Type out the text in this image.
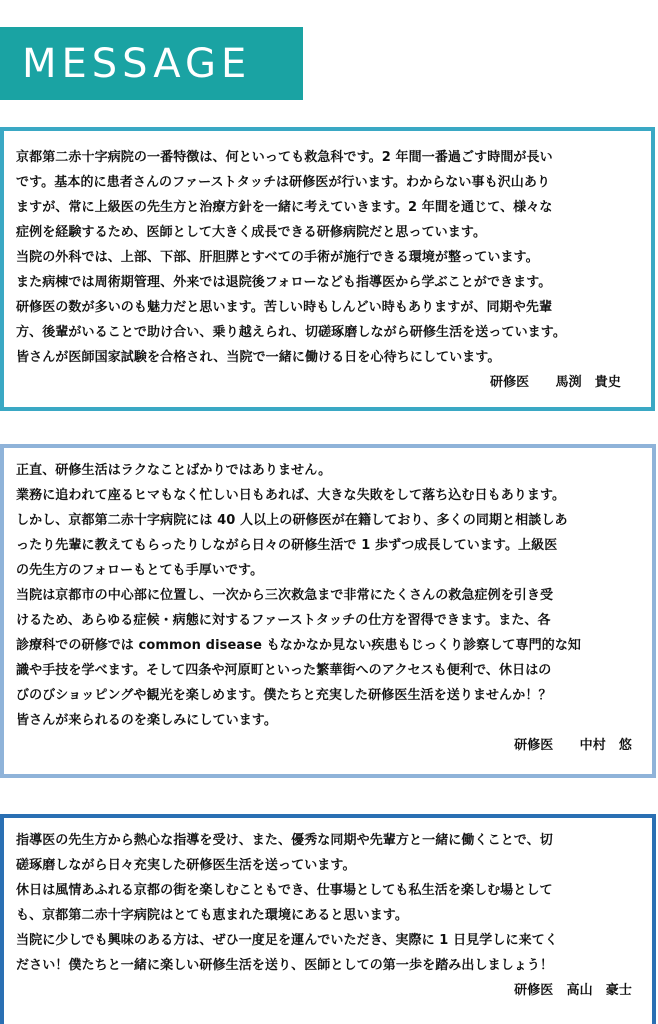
MESSAGE
京都第二赤十字病院の一番特徴は、何といっても救急科です。2 年間一番過ごす時間が長い
です。基本的に患者さんのファーストタッチは研修医が行います。わからない事も沢山あり
ますが、常に上級医の先生方と治療方針を一緒に考えていきます。2 年間を通じて、様々な
症例を経験するため、医師として大きく成長できる研修病院だと思っています。
当院の外科では、上部、下部、肝胆膵とすべての手術が施行できる環境が整っています。
また病棟では周術期管理、外来では退院後フォローなども指導医から学ぶことができます。
研修医の数が多いのも魅力だと思います。苦しい時もしんどい時もありますが、同期や先輩
方、後輩がいることで助け合い、乗り越えられ、切磋琢磨しながら研修生活を送っています。
皆さんが医師国家試験を合格され、当院で一緒に働ける日を心待ちにしています。
研修医　　馬渕　貴史
正直、研修生活はラクなことばかりではありません。
業務に追われて座るヒマもなく忙しい日もあれば、大きな失敗をして落ち込む日もあります。
しかし、京都第二赤十字病院には 40 人以上の研修医が在籍しており、多くの同期と相談しあ
ったり先輩に教えてもらったりしながら日々の研修生活で 1 歩ずつ成長しています。上級医
の先生方のフォローもとても手厚いです。
当院は京都市の中心部に位置し、一次から三次救急まで非常にたくさんの救急症例を引き受
けるため、あらゆる症候・病態に対するファーストタッチの仕方を習得できます。また、各
診療科での研修では common disease もなかなか見ない疾患もじっくり診察して専門的な知
識や手技を学べます。そして四条や河原町といった繁華街へのアクセスも便利で、休日はの
びのびショッピングや観光を楽しめます。僕たちと充実した研修医生活を送りませんか！？
皆さんが来られるのを楽しみにしています。
研修医　　中村　悠
指導医の先生方から熱心な指導を受け、また、優秀な同期や先輩方と一緒に働くことで、切
磋琢磨しながら日々充実した研修医生活を送っています。
休日は風情あふれる京都の街を楽しむこともでき、仕事場としても私生活を楽しむ場として
も、京都第二赤十字病院はとても恵まれた環境にあると思います。
当院に少しでも興味のある方は、ぜひ一度足を運んでいただき、実際に 1 日見学しに来てく
ださい！僕たちと一緒に楽しい研修生活を送り、医師としての第一歩を踏み出しましょう！
研修医　高山　豪士
